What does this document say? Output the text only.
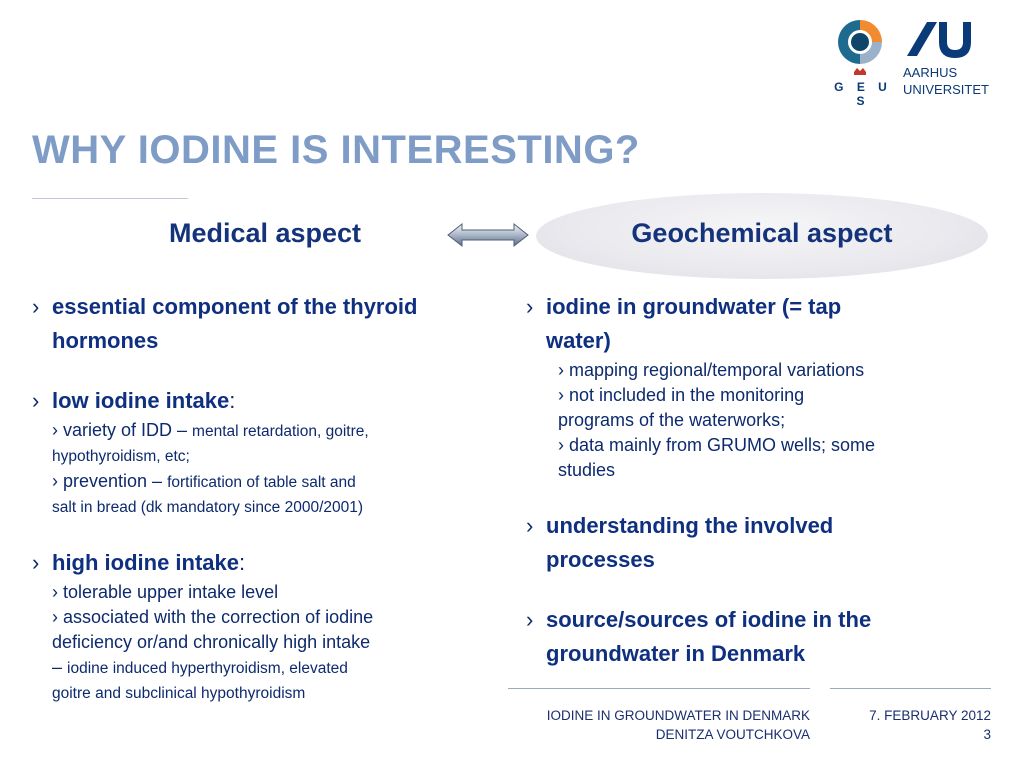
G E U S
AARHUS
UNIVERSITET
WHY IODINE IS INTERESTING?
Medical aspect	Geochemical aspect
› essential component of the thyroid
hormones
› low iodine intake:
› variety of IDD – mental retardation, goitre,
hypothyroidism, etc;
› prevention – fortification of table salt and
salt in bread (dk mandatory since 2000/2001)
› high iodine intake:
› tolerable upper intake level
› associated with the correction of iodine
deficiency or/and chronically high intake
– iodine induced hyperthyroidism, elevated
goitre and subclinical hypothyroidism
› iodine in groundwater (= tap
water)
› mapping regional/temporal variations
› not included in the monitoring
programs of the waterworks;
› data mainly from GRUMO wells; some
studies
› understanding the involved
processes
› source/sources of iodine in the
groundwater in Denmark
IODINE IN GROUNDWATER IN DENMARK
DENITZA VOUTCHKOVA
7. FEBRUARY 2012
3
